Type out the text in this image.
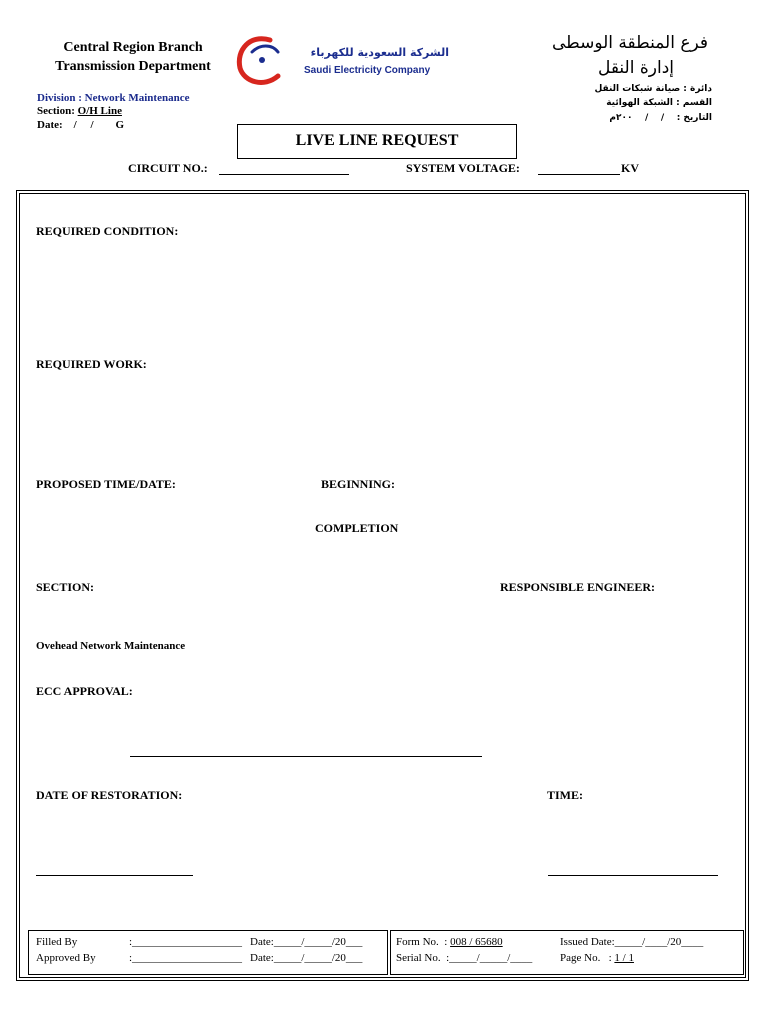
Central Region Branch
Transmission Department
Division : Network Maintenance
Section: O/H Line
Date:    /     /        G
الشركة السعودية للكهرباء
Saudi Electricity Company
فرع المنطقة الوسطى
إدارة النقل
دائرة : صيانة شبكات النقل
القسم : الشبكة الهوائية
التاريخ :    /    /    ٢٠٠م
LIVE LINE REQUEST
CIRCUIT NO.:	SYSTEM VOLTAGE:	KV
REQUIRED CONDITION:
REQUIRED WORK:
PROPOSED TIME/DATE:	BEGINNING:
COMPLETION
SECTION:	RESPONSIBLE ENGINEER:
Ovehead Network Maintenance
ECC APPROVAL:
DATE OF RESTORATION:	TIME:
Filled By	:____________________ Date:_____/_____/20___
Approved By	:____________________ Date:_____/_____/20___
Form No.  : 008 / 65680	Issued Date:_____/____/20____
Serial No.  :_____/_____/____	Page No.   : 1 / 1
